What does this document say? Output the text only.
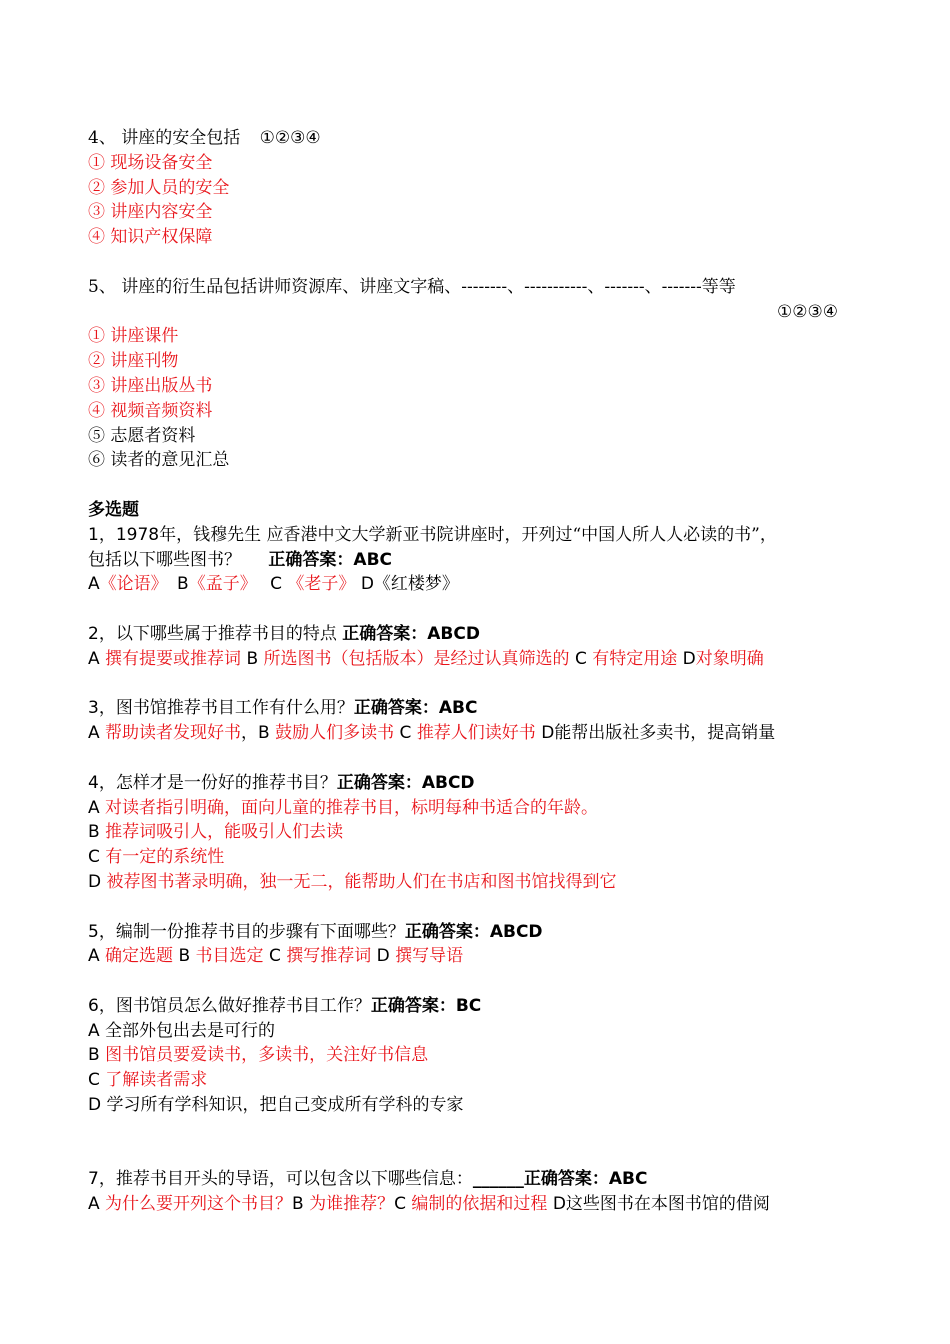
4、 讲座的安全包括 ①②③④
① 现场设备安全
② 参加人员的安全
③ 讲座内容安全
④ 知识产权保障
5、 讲座的衍生品包括讲师资源库、讲座文字稿、--------、-----------、-------、-------等等
①②③④
① 讲座课件
② 讲座刊物
③ 讲座出版丛书
④ 视频音频资料
⑤ 志愿者资料
⑥ 读者的意见汇总
多选题
1，1978年，钱穆先生 应香港中文大学新亚书院讲座时，开列过“中国人所人人必读的书”，
包括以下哪些图书？ 正确答案：ABC
A《论语》 B《孟子》 C 《老子》 D《红楼梦》
2，以下哪些属于推荐书目的特点 正确答案：ABCD
A 撰有提要或推荐词 B 所选图书（包括版本）是经过认真筛选的 C 有特定用途 D对象明确
3，图书馆推荐书目工作有什么用？正确答案：ABC
A 帮助读者发现好书，B 鼓励人们多读书 C 推荐人们读好书 D能帮出版社多卖书，提高销量
4，怎样才是一份好的推荐书目？正确答案：ABCD
A 对读者指引明确，面向儿童的推荐书目，标明每种书适合的年龄。
B 推荐词吸引人，能吸引人们去读
C 有一定的系统性
D 被荐图书著录明确，独一无二，能帮助人们在书店和图书馆找得到它
5，编制一份推荐书目的步骤有下面哪些？正确答案：ABCD
A 确定选题 B 书目选定 C 撰写推荐词 D 撰写导语
6，图书馆员怎么做好推荐书目工作？正确答案：BC
A 全部外包出去是可行的
B 图书馆员要爱读书，多读书，关注好书信息
C 了解读者需求
D 学习所有学科知识，把自己变成所有学科的专家
7，推荐书目开头的导语，可以包含以下哪些信息：______正确答案：ABC
A 为什么要开列这个书目？B 为谁推荐？C 编制的依据和过程 D这些图书在本图书馆的借阅
